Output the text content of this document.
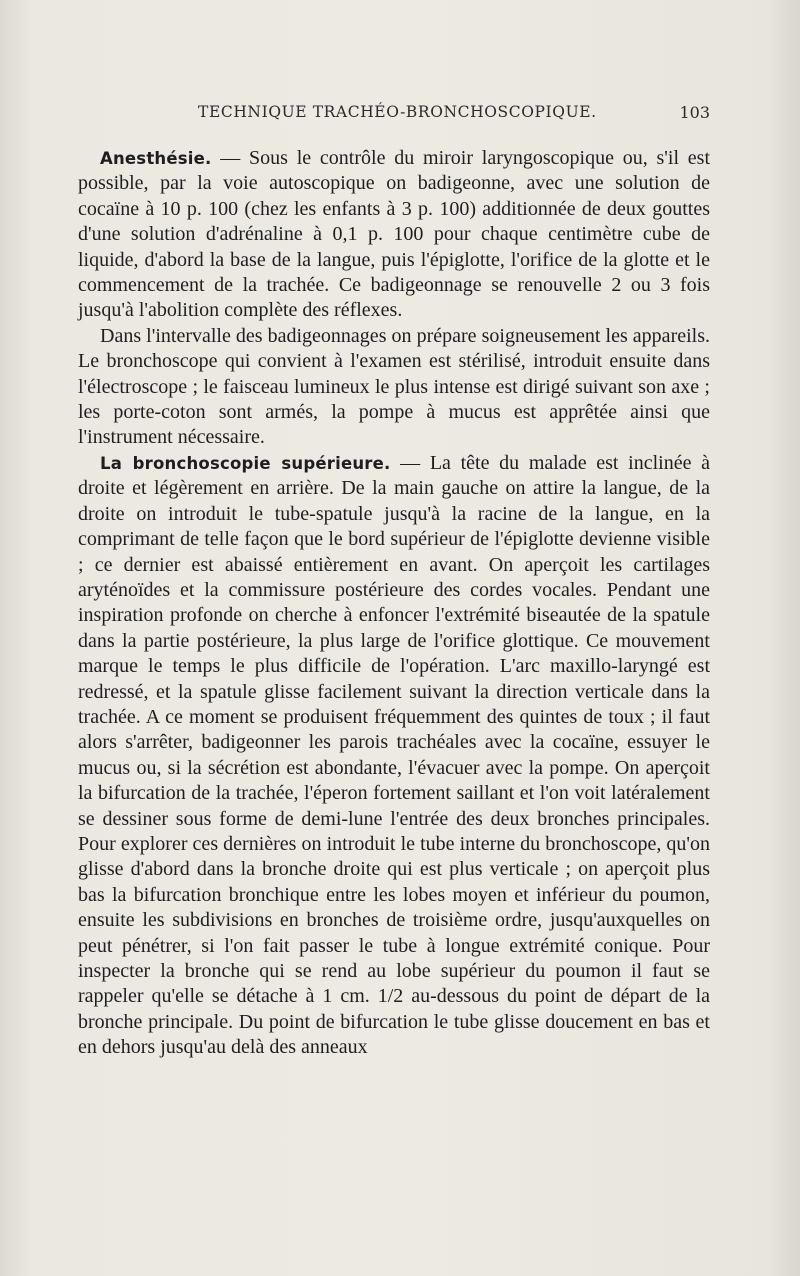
TECHNIQUE TRACHÉO-BRONCHOSCOPIQUE.	103

Anesthésie. — Sous le contrôle du miroir laryngoscopique ou, s'il est possible, par la voie autoscopique on badigeonne, avec une solution de cocaïne à 10 p. 100 (chez les enfants à 3 p. 100) additionnée de deux gouttes d'une solution d'adrénaline à 0,1 p. 100 pour chaque centimètre cube de liquide, d'abord la base de la langue, puis l'épiglotte, l'orifice de la glotte et le commencement de la trachée. Ce badigeonnage se renouvelle 2 ou 3 fois jusqu'à l'abolition complète des réflexes.

Dans l'intervalle des badigeonnages on prépare soigneusement les appareils. Le bronchoscope qui convient à l'examen est stérilisé, introduit ensuite dans l'électroscope ; le faisceau lumineux le plus intense est dirigé suivant son axe ; les porte-coton sont armés, la pompe à mucus est apprêtée ainsi que l'instrument nécessaire.

La bronchoscopie supérieure. — La tête du malade est inclinée à droite et légèrement en arrière. De la main gauche on attire la langue, de la droite on introduit le tube-spatule jusqu'à la racine de la langue, en la comprimant de telle façon que le bord supérieur de l'épiglotte devienne visible ; ce dernier est abaissé entièrement en avant. On aperçoit les cartilages aryténoïdes et la commissure postérieure des cordes vocales. Pendant une inspiration profonde on cherche à enfoncer l'extrémité biseautée de la spatule dans la partie postérieure, la plus large de l'orifice glottique. Ce mouvement marque le temps le plus difficile de l'opération. L'arc maxillo-laryngé est redressé, et la spatule glisse facilement suivant la direction verticale dans la trachée. A ce moment se produisent fréquemment des quintes de toux ; il faut alors s'arrêter, badigeonner les parois trachéales avec la cocaïne, essuyer le mucus ou, si la sécrétion est abondante, l'évacuer avec la pompe. On aperçoit la bifurcation de la trachée, l'éperon fortement saillant et l'on voit latéralement se dessiner sous forme de demi-lune l'entrée des deux bronches principales. Pour explorer ces dernières on introduit le tube interne du bronchoscope, qu'on glisse d'abord dans la bronche droite qui est plus verticale ; on aperçoit plus bas la bifurcation bronchique entre les lobes moyen et inférieur du poumon, ensuite les subdivisions en bronches de troisième ordre, jusqu'auxquelles on peut pénétrer, si l'on fait passer le tube à longue extrémité conique. Pour inspecter la bronche qui se rend au lobe supérieur du poumon il faut se rappeler qu'elle se détache à 1 cm. 1/2 au-dessous du point de départ de la bronche principale. Du point de bifurcation le tube glisse doucement en bas et en dehors jusqu'au delà des anneaux
